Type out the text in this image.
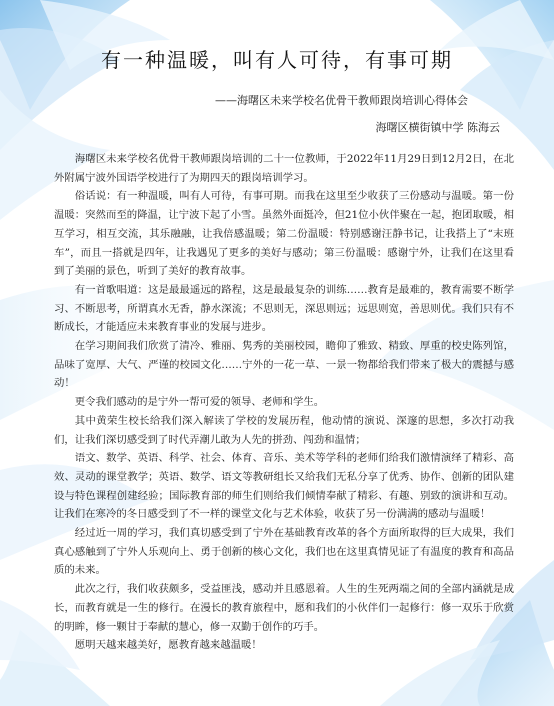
有一种温暖，叫有人可待，有事可期

——海曙区未来学校名优骨干教师跟岗培训心得体会

海曙区横街镇中学 陈海云

海曙区未来学校名优骨干教师跟岗培训的二十一位教师，于2022年11月29日到12月2日，在北外附属宁波外国语学校进行了为期四天的跟岗培训学习。

俗话说：有一种温暖，叫有人可待，有事可期。而我在这里至少收获了三份感动与温暖。第一份温暖：突然而至的降温，让宁波下起了小雪。虽然外面挺冷，但21位小伙伴聚在一起，抱团取暖，相互学习，相互交流，其乐融融，让我倍感温暖；第二份温暖：特别感谢汪静书记，让我搭上了“末班车”，而且一搭就是四年，让我遇见了更多的美好与感动；第三份温暖：感谢宁外，让我们在这里看到了美丽的景色，听到了美好的教育故事。

有一首歌唱道：这是最最遥远的路程，这是最最复杂的训练……教育是最难的，教育需要不断学习、不断思考，所谓真水无香，静水深流；不思则无，深思则远；远思则宽，善思则优。我们只有不断成长，才能适应未来教育事业的发展与进步。

在学习期间我们欣赏了清冷、雅丽、隽秀的美丽校园，瞻仰了雅致、精致、厚重的校史陈列馆，品味了宽厚、大气、严谨的校园文化……宁外的一花一草、一景一物都给我们带来了极大的震撼与感动！

更令我们感动的是宁外一帮可爱的领导、老师和学生。

其中黄荣生校长给我们深入解读了学校的发展历程，他动情的演说、深邃的思想，多次打动我们，让我们深切感受到了时代弄潮儿敢为人先的拼劲、闯劲和温情；

语文、数学、英语、科学、社会、体育、音乐、美术等学科的老师们给我们激情演绎了精彩、高效、灵动的课堂教学；英语、数学、语文等教研组长又给我们无私分享了优秀、协作、创新的团队建设与特色课程创建经验；国际教育部的师生们则给我们倾情奉献了精彩、有趣、别致的演讲和互动。让我们在寒冷的冬日感受到了不一样的课堂文化与艺术体验，收获了另一份满满的感动与温暖！

经过近一周的学习，我们真切感受到了宁外在基础教育改革的各个方面所取得的巨大成果，我们真心感触到了宁外人乐观向上、勇于创新的核心文化，我们也在这里真情见证了有温度的教育和高品质的未来。

此次之行，我们收获颇多，受益匪浅，感动并且感恩着。人生的生死两端之间的全部内涵就是成长，而教育就是一生的修行。在漫长的教育旅程中，愿和我们的小伙伴们一起修行：修一双乐于欣赏的明眸，修一颗甘于奉献的慧心，修一双勤于创作的巧手。

愿明天越来越美好，愿教育越来越温暖！
